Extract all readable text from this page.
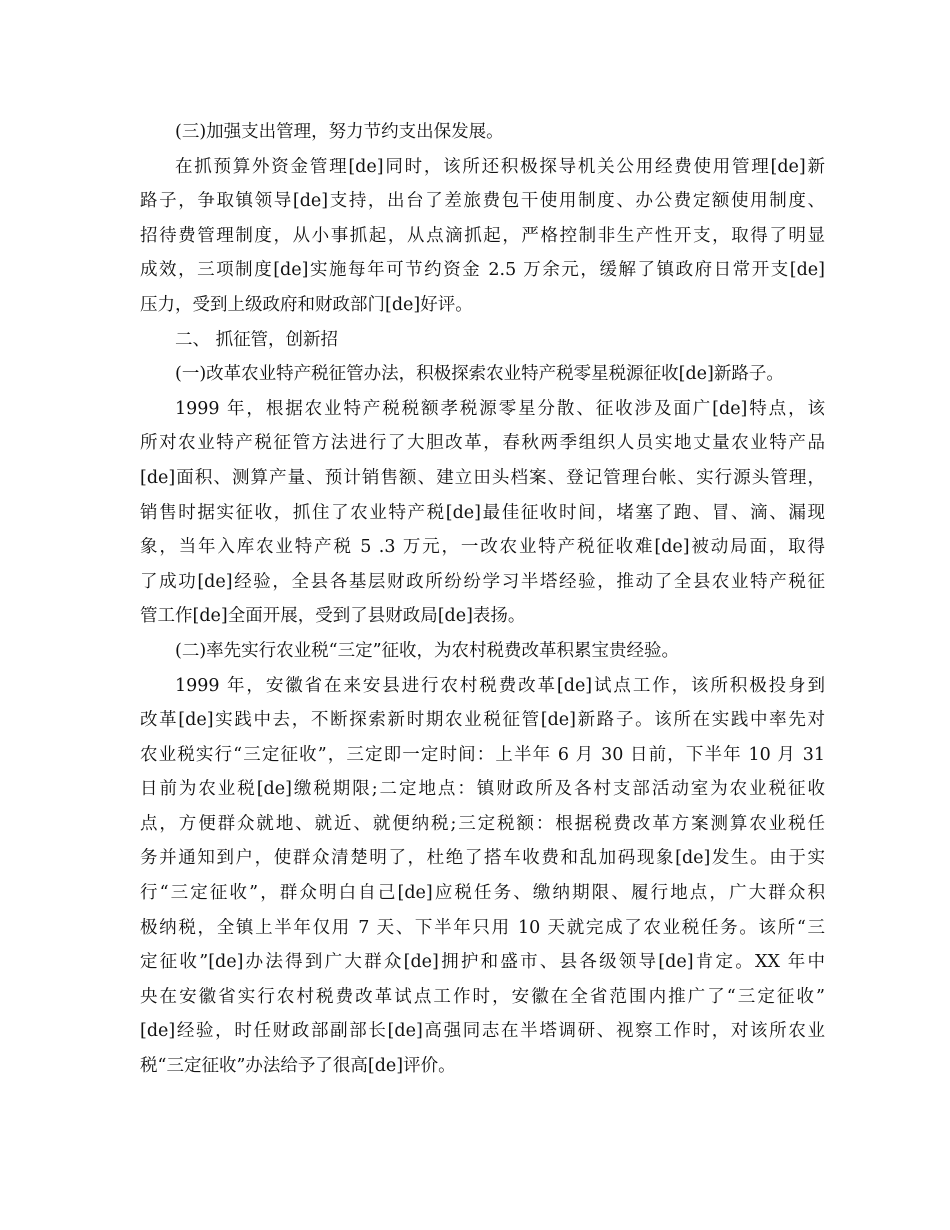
(三)加强支出管理，努力节约支出保发展。
在抓预算外资金管理[de]同时，该所还积极探导机关公用经费使用管理[de]新
路子，争取镇领导[de]支持，出台了差旅费包干使用制度、办公费定额使用制度、
招待费管理制度，从小事抓起，从点滴抓起，严格控制非生产性开支，取得了明显
成效，三项制度[de]实施每年可节约资金 2.5 万余元，缓解了镇政府日常开支[de]
压力，受到上级政府和财政部门[de]好评。
二、 抓征管，创新招
(一)改革农业特产税征管办法，积极探索农业特产税零星税源征收[de]新路子。
1999 年，根据农业特产税税额孝税源零星分散、征收涉及面广[de]特点，该
所对农业特产税征管方法进行了大胆改革，春秋两季组织人员实地丈量农业特产品
[de]面积、测算产量、预计销售额、建立田头档案、登记管理台帐、实行源头管理，
销售时据实征收，抓住了农业特产税[de]最佳征收时间，堵塞了跑、冒、滴、漏现
象，当年入库农业特产税 5 .3 万元，一改农业特产税征收难[de]被动局面，取得
了成功[de]经验，全县各基层财政所纷纷学习半塔经验，推动了全县农业特产税征
管工作[de]全面开展，受到了县财政局[de]表扬。
(二)率先实行农业税“三定”征收，为农村税费改革积累宝贵经验。
1999 年，安徽省在来安县进行农村税费改革[de]试点工作，该所积极投身到
改革[de]实践中去，不断探索新时期农业税征管[de]新路子。该所在实践中率先对
农业税实行“三定征收”，三定即一定时间：上半年 6 月 30 日前，下半年 10 月 31
日前为农业税[de]缴税期限;二定地点：镇财政所及各村支部活动室为农业税征收
点，方便群众就地、就近、就便纳税;三定税额：根据税费改革方案测算农业税任
务并通知到户，使群众清楚明了，杜绝了搭车收费和乱加码现象[de]发生。由于实
行“三定征收”，群众明白自己[de]应税任务、缴纳期限、履行地点，广大群众积
极纳税，全镇上半年仅用 7 天、下半年只用 10 天就完成了农业税任务。该所“三
定征收”[de]办法得到广大群众[de]拥护和盛市、县各级领导[de]肯定。XX 年中
央在安徽省实行农村税费改革试点工作时，安徽在全省范围内推广了“三定征收”
[de]经验，时任财政部副部长[de]高强同志在半塔调研、视察工作时，对该所农业
税“三定征收”办法给予了很高[de]评价。
